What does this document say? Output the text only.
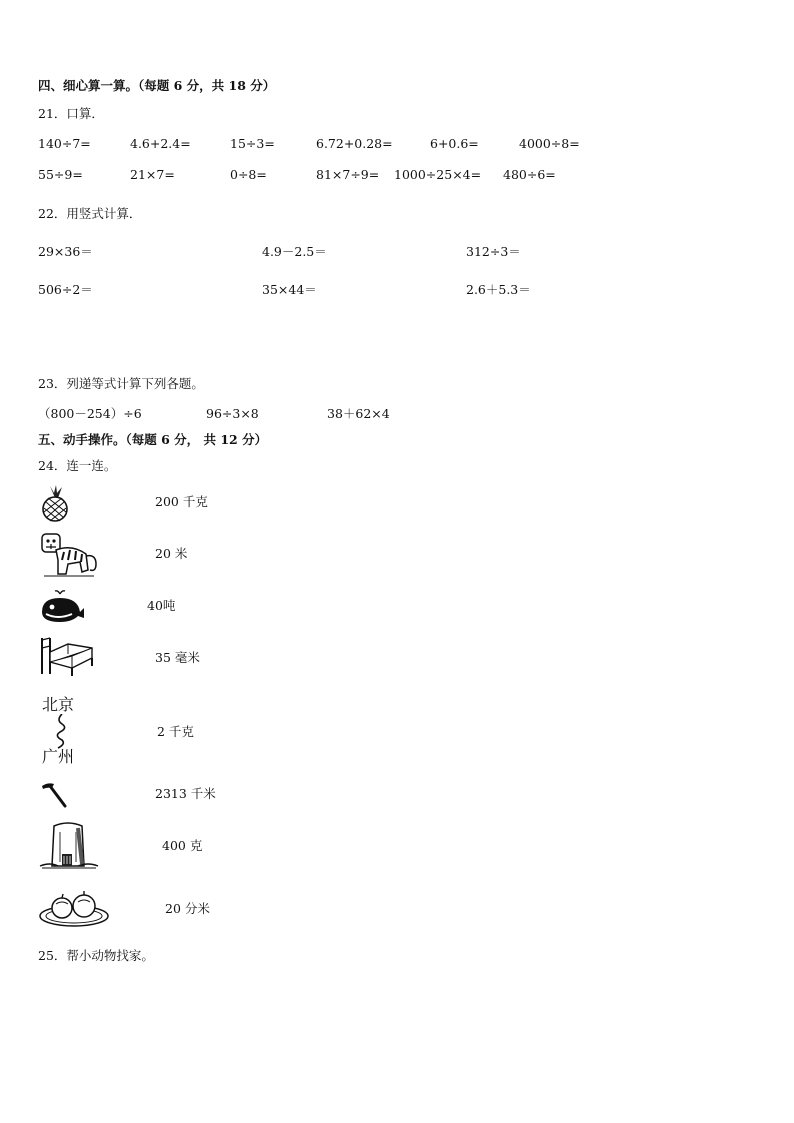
四、细心算一算。（每题 6 分，共 18 分）
21．口算．
140÷7=	4.6+2.4=	15÷3=	6.72+0.28=	6+0.6=	4000÷8=
55÷9=	21×7=	0÷8=	81×7÷9= 1000÷25×4= 480÷6=
22．用竖式计算．
29×36＝	4.9－2.5＝	312÷3＝
506÷2＝	35×44＝	2.6＋5.3＝
23．列递等式计算下列各题。
（800－254）÷6	96÷3×8	38＋62×4
五、动手操作。（每题 6 分， 共 12 分）
24．连一连。
200 千克
20 米
40吨
35 毫米
北京
广州
2 千克
2313 千米
400 克
20 分米
25．帮小动物找家。
